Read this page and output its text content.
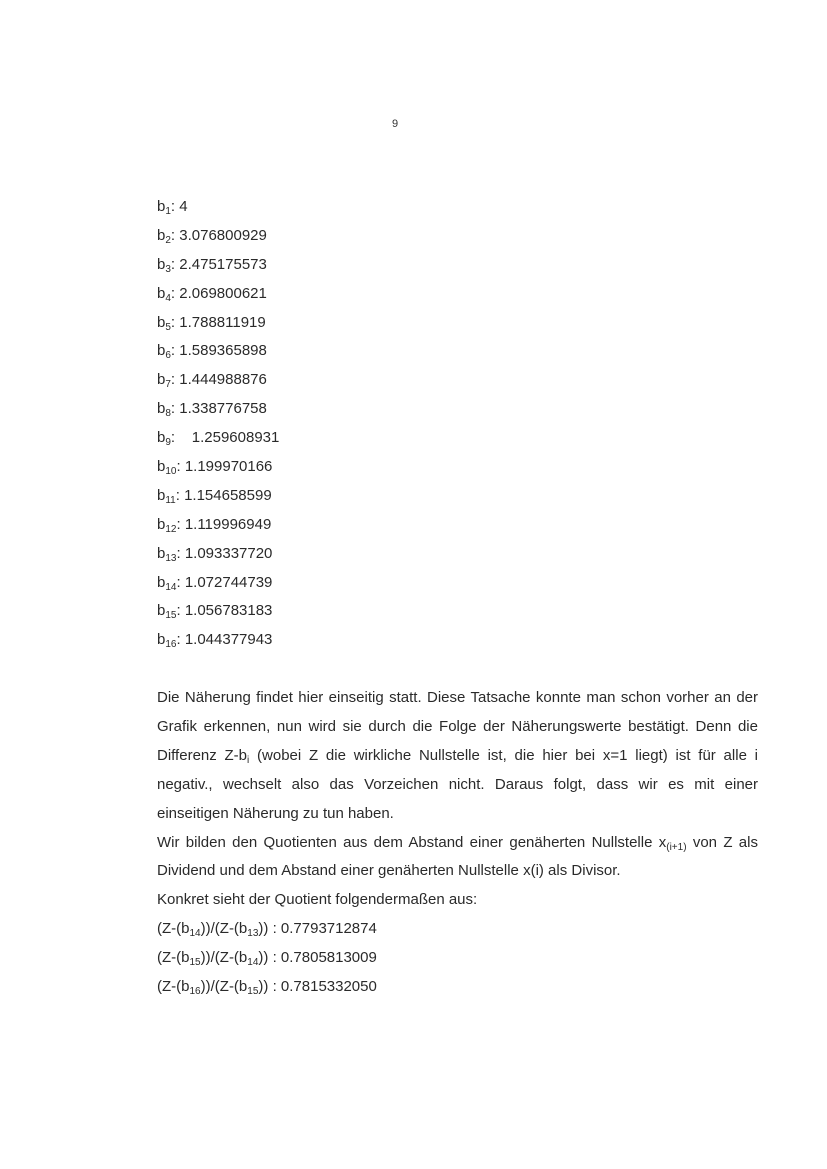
9
$b_1$: 4
$b_2$: 3.076800929
$b_3$: 2.475175573
$b_4$: 2.069800621
$b_5$: 1.788811919
$b_6$: 1.589365898
$b_7$: 1.444988876
$b_8$: 1.338776758
$b_9$:    1.259608931
$b_{10}$: 1.199970166
$b_{11}$: 1.154658599
$b_{12}$: 1.119996949
$b_{13}$: 1.093337720
$b_{14}$: 1.072744739
$b_{15}$: 1.056783183
$b_{16}$: 1.044377943

Die Näherung findet hier einseitig statt. Diese Tatsache konnte man schon vorher an der Grafik erkennen, nun wird sie durch die Folge der Näherungswerte bestätigt. Denn die Differenz $Z-b_i$ (wobei Z die wirkliche Nullstelle ist, die hier bei x=1 liegt) ist für alle i negativ., wechselt also das Vorzeichen nicht. Daraus folgt, dass wir es mit einer einseitigen Näherung zu tun haben.

Wir bilden den Quotienten aus dem Abstand einer genäherten Nullstelle $x_{(i+1)}$ von Z als Dividend und dem Abstand einer genäherten Nullstelle x(i) als Divisor.
Konkret sieht der Quotient folgendermaßen aus:

$(Z-(b_{14}))/(Z-(b_{13}))$ : 0.7793712874
$(Z-(b_{15}))/(Z-(b_{14}))$ : 0.7805813009
$(Z-(b_{16}))/(Z-(b_{15}))$ : 0.7815332050
